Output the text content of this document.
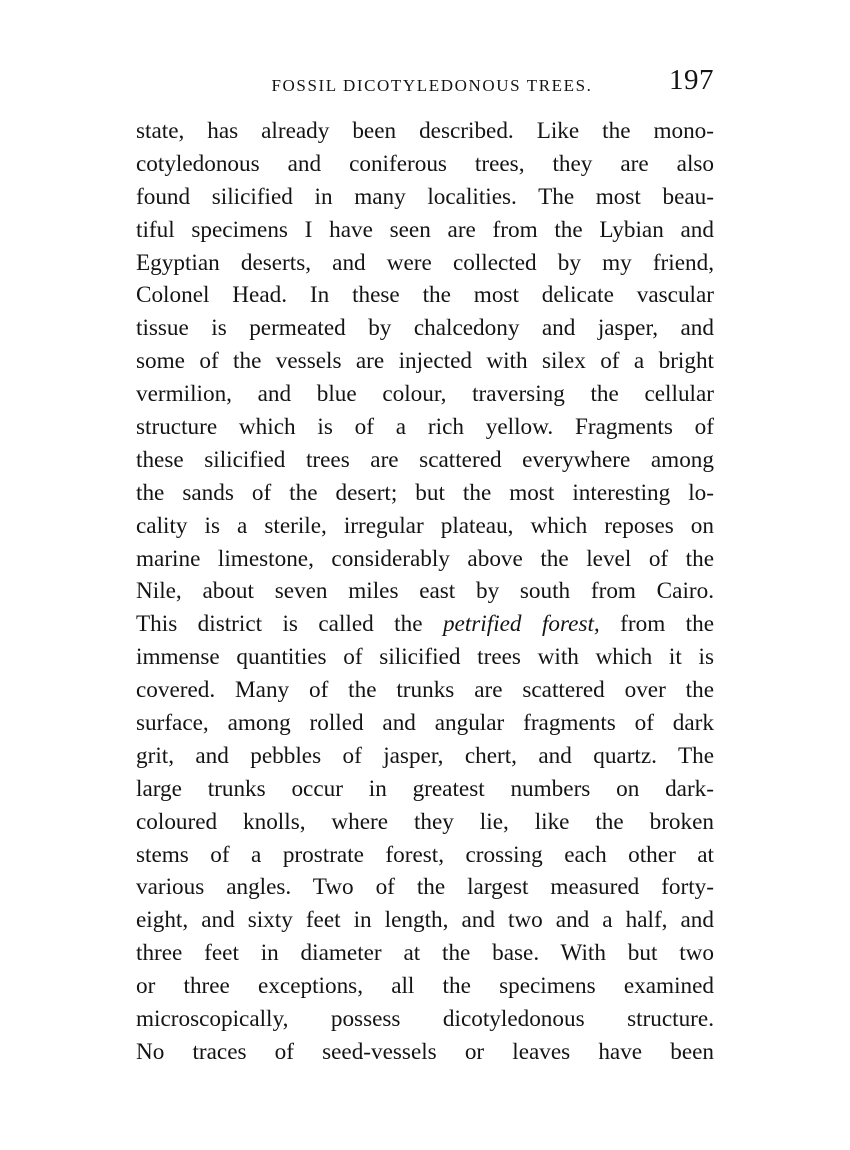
FOSSIL DICOTYLEDONOUS TREES.	197
state, has already been described. Like the mono-
cotyledonous and coniferous trees, they are also
found silicified in many localities. The most beau-
tiful specimens I have seen are from the Lybian and
Egyptian deserts, and were collected by my friend,
Colonel Head. In these the most delicate vascular
tissue is permeated by chalcedony and jasper, and
some of the vessels are injected with silex of a bright
vermilion, and blue colour, traversing the cellular
structure which is of a rich yellow. Fragments of
these silicified trees are scattered everywhere among
the sands of the desert; but the most interesting lo-
cality is a sterile, irregular plateau, which reposes on
marine limestone, considerably above the level of the
Nile, about seven miles east by south from Cairo.
This district is called the petrified forest, from the
immense quantities of silicified trees with which it is
covered. Many of the trunks are scattered over the
surface, among rolled and angular fragments of dark
grit, and pebbles of jasper, chert, and quartz. The
large trunks occur in greatest numbers on dark-
coloured knolls, where they lie, like the broken
stems of a prostrate forest, crossing each other at
various angles. Two of the largest measured forty-
eight, and sixty feet in length, and two and a half, and
three feet in diameter at the base. With but two
or three exceptions, all the specimens examined
microscopically, possess dicotyledonous structure.
No traces of seed-vessels or leaves have been
